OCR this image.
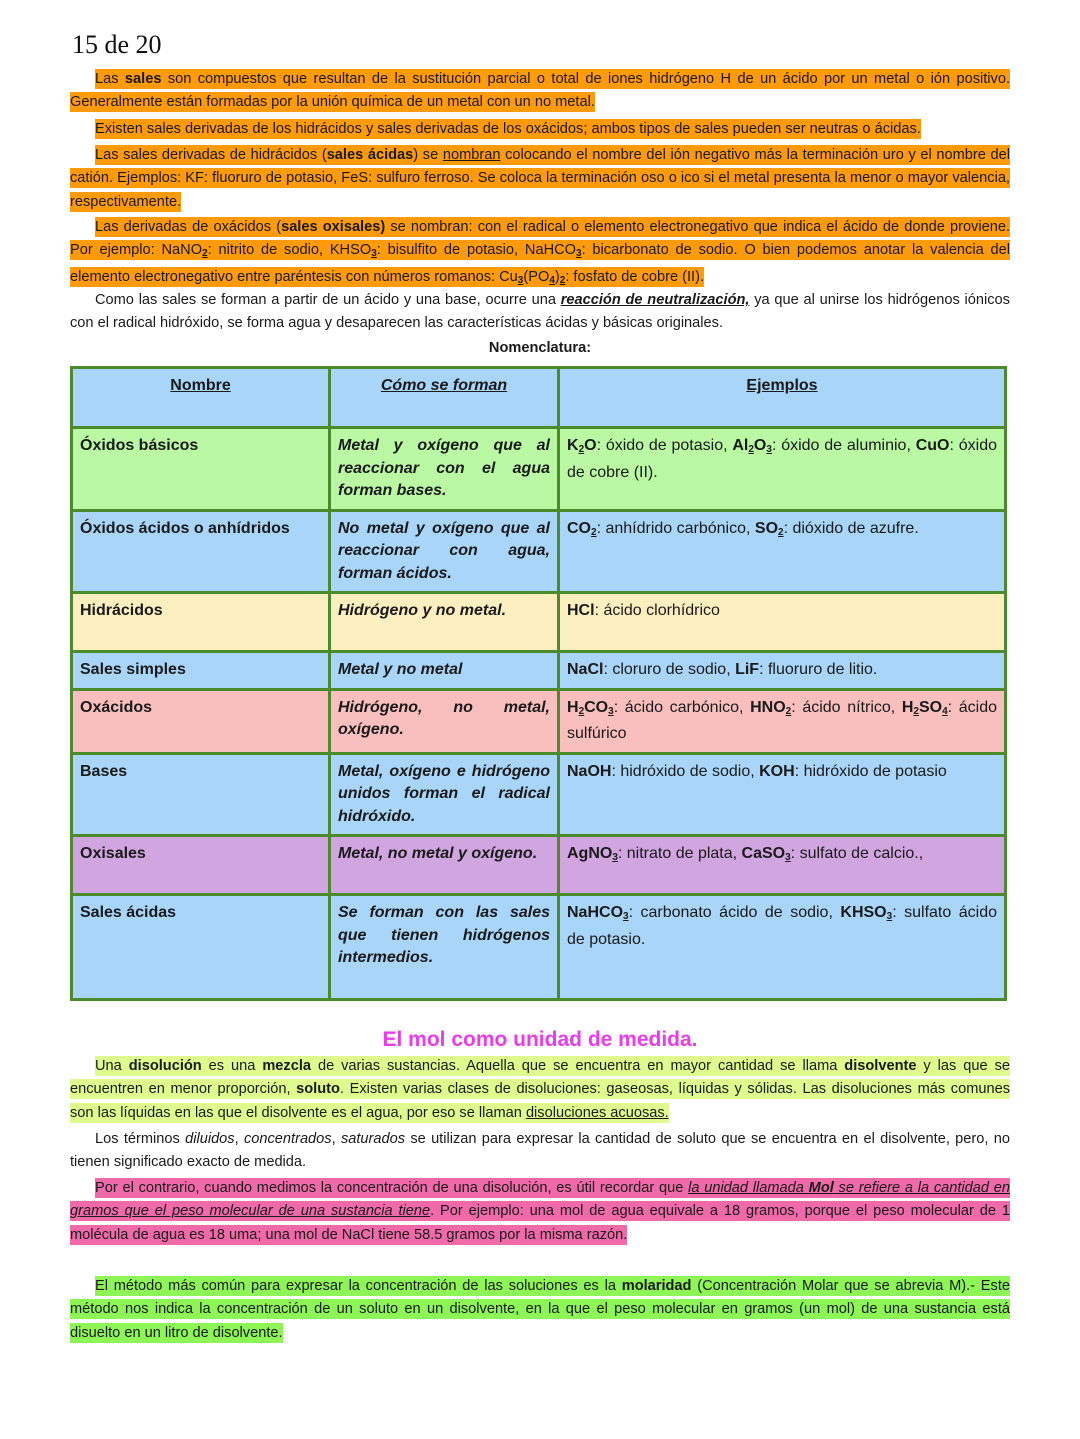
15 de 20

Las sales son compuestos que resultan de la sustitución parcial o total de iones hidrógeno H de un ácido por un metal o ión positivo. Generalmente están formadas por la unión química de un metal con un no metal.

Existen sales derivadas de los hidrácidos y sales derivadas de los oxácidos; ambos tipos de sales pueden ser neutras o ácidas.

Las sales derivadas de hidrácidos (sales ácidas) se nombran colocando el nombre del ión negativo más la terminación uro y el nombre del catión. Ejemplos: KF: fluoruro de potasio, FeS: sulfuro ferroso. Se coloca la terminación oso o ico si el metal presenta la menor o mayor valencia, respectivamente.

Las derivadas de oxácidos (sales oxisales) se nombran: con el radical o elemento electronegativo que indica el ácido de donde proviene. Por ejemplo: NaNO$_2$: nitrito de sodio, $KHSO_3$: bisulfito de potasio, NaHCO$_3$: bicarbonato de sodio. O bien podemos anotar la valencia del elemento electronegativo entre paréntesis con números romanos: $Cu_3(PO_4)_2$: fosfato de cobre (II).

Como las sales se forman a partir de un ácido y una base, ocurre una reacción de neutralización, ya que al unirse los hidrógenos iónicos con el radical hidróxido, se forma agua y desaparecen las características ácidas y básicas originales.

Nomenclatura:
Nombre	Cómo se forman	Ejemplos
Óxidos básicos	Metal y oxígeno que al reaccionar con el agua forman bases.	$K_2O$: óxido de potasio, $Al_2O_3$: óxido de aluminio, CuO: óxido de cobre (II).
Óxidos ácidos o anhídridos	No metal y oxígeno que al reaccionar con agua, forman ácidos.	$CO_2$: anhídrido carbónico, $SO_2$: dióxido de azufre.
Hidrácidos	Hidrógeno y no metal.	HCl: ácido clorhídrico
Sales simples	Metal y no metal	NaCl: cloruro de sodio, LiF: fluoruro de litio.
Oxácidos	Hidrógeno, no metal, oxígeno.	$H_2CO_3$: ácido carbónico, $HNO_2$: ácido nítrico, $H_2SO_4$: ácido sulfúrico
Bases	Metal, oxígeno e hidrógeno unidos forman el radical hidróxido.	NaOH: hidróxido de sodio, KOH: hidróxido de potasio
Oxisales	Metal, no metal y oxígeno.	AgNO$_3$: nitrato de plata, CaSO$_3$: sulfato de calcio.,
Sales ácidas	Se forman con las sales que tienen hidrógenos intermedios.	NaHCO$_3$: carbonato ácido de sodio, $KHSO_3$: sulfato ácido de potasio.
El mol como unidad de medida.

Una disolución es una mezcla de varias sustancias. Aquella que se encuentra en mayor cantidad se llama disolvente y las que se encuentren en menor proporción, soluto. Existen varias clases de disoluciones: gaseosas, líquidas y sólidas. Las disoluciones más comunes son las líquidas en las que el disolvente es el agua, por eso se llaman disoluciones acuosas.

Los términos diluidos, concentrados, saturados se utilizan para expresar la cantidad de soluto que se encuentra en el disolvente, pero, no tienen significado exacto de medida.

Por el contrario, cuando medimos la concentración de una disolución, es útil recordar que la unidad llamada Mol se refiere a la cantidad en gramos que el peso molecular de una sustancia tiene. Por ejemplo: una mol de agua equivale a 18 gramos, porque el peso molecular de 1 molécula de agua es 18 uma; una mol de NaCl tiene 58.5 gramos por la misma razón.

El método más común para expresar la concentración de las soluciones es la molaridad (Concentración Molar que se abrevia M).- Este método nos indica la concentración de un soluto en un disolvente, en la que el peso molecular en gramos (un mol) de una sustancia está disuelto en un litro de disolvente.
